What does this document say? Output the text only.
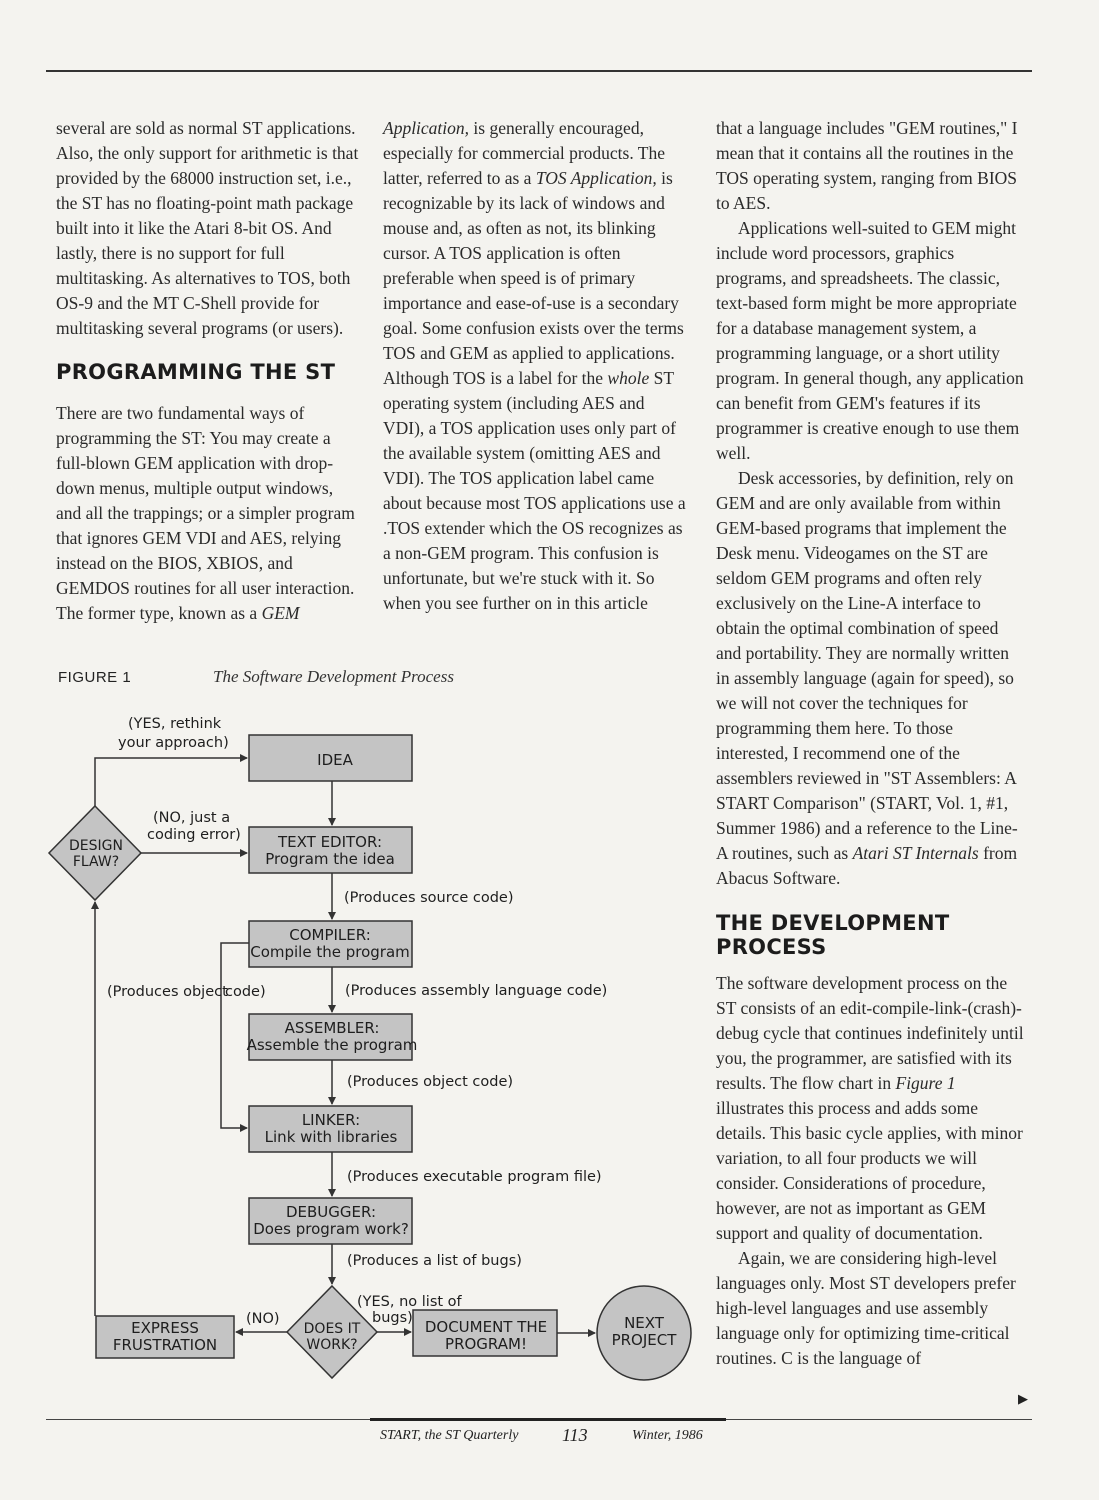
several are sold as normal ST applications. Also, the only support for arithmetic is that provided by the 68000 instruction set, i.e., the ST has no floating-point math package built into it like the Atari 8-bit OS. And lastly, there is no support for full multitasking. As alternatives to TOS, both OS-9 and the MT C-Shell provide for multitasking several programs (or users).

PROGRAMMING THE ST

There are two fundamental ways of programming the ST: You may create a full-blown GEM application with drop-down menus, multiple output windows, and all the trappings; or a simpler program that ignores GEM VDI and AES, relying instead on the BIOS, XBIOS, and GEMDOS routines for all user interaction. The former type, known as a GEM

Application, is generally encouraged, especially for commercial products. The latter, referred to as a TOS Application, is recognizable by its lack of windows and mouse and, as often as not, its blinking cursor. A TOS application is often preferable when speed is of primary importance and ease-of-use is a secondary goal. Some confusion exists over the terms TOS and GEM as applied to applications. Although TOS is a label for the whole ST operating system (including AES and VDI), a TOS application uses only part of the available system (omitting AES and VDI). The TOS application label came about because most TOS applications use a .TOS extender which the OS recognizes as a non-GEM program. This confusion is unfortunate, but we're stuck with it. So when you see further on in this article

that a language includes "GEM routines," I mean that it contains all the routines in the TOS operating system, ranging from BIOS to AES.

Applications well-suited to GEM might include word processors, graphics programs, and spreadsheets. The classic, text-based form might be more appropriate for a database management system, a programming language, or a short utility program. In general though, any application can benefit from GEM's features if its programmer is creative enough to use them well.

Desk accessories, by definition, rely on GEM and are only available from within GEM-based programs that implement the Desk menu. Videogames on the ST are seldom GEM programs and often rely exclusively on the Line-A interface to obtain the optimal combination of speed and portability. They are normally written in assembly language (again for speed), so we will not cover the techniques for programming them here. To those interested, I recommend one of the assemblers reviewed in "ST Assemblers: A START Comparison" (START, Vol. 1, #1, Summer 1986) and a reference to the Line-A routines, such as Atari ST Internals from Abacus Software.

THE DEVELOPMENT PROCESS

The software development process on the ST consists of an edit-compile-link-(crash)-debug cycle that continues indefinitely until you, the programmer, are satisfied with its results. The flow chart in Figure 1 illustrates this process and adds some details. This basic cycle applies, with minor variation, to all four products we will consider. Considerations of procedure, however, are not as important as GEM support and quality of documentation.

Again, we are considering high-level languages only. Most ST developers prefer high-level languages and use assembly language only for optimizing time-critical routines. C is the language of

▶
FIGURE 1	The Software Development Process
IDEA
TEXT EDITOR:
Program the idea
COMPILER:
Compile the program
ASSEMBLER:
Assemble the program
LINKER:
Link with libraries
DEBUGGER:
Does program work?
DESIGN
FLAW?
DOES IT
WORK?
EXPRESS
FRUSTRATION
DOCUMENT THE
PROGRAM!
NEXT
PROJECT
(YES, rethink
your approach)
(NO, just a
coding error)
(Produces source code)
(Produces object
code)	(Produces assembly language code)
(Produces object code)
(Produces executable program file)
(Produces a list of bugs)
(NO)
(YES, no list of
bugs)
START, the ST Quarterly 113	Winter, 1986
